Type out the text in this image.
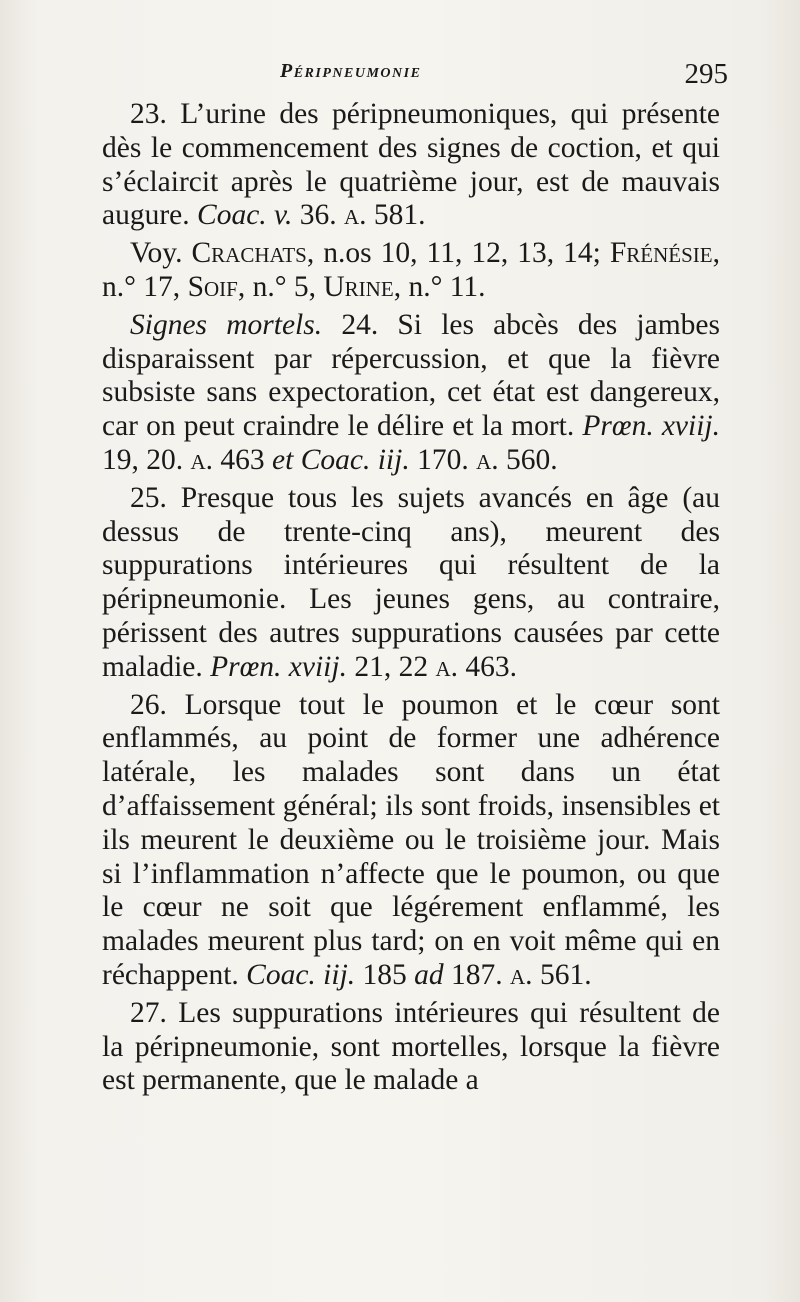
Péripneumonie	295

23. L’urine des péripneumoniques, qui présente dès le commencement des signes de coction, et qui s’éclaircit après le quatrième jour, est de mauvais augure. Coac. v. 36. a. 581.

Voy. Crachats, n.os 10, 11, 12, 13, 14; Frénésie, n.° 17, Soif, n.° 5, Urine, n.° 11.

Signes mortels. 24. Si les abcès des jambes disparaissent par répercussion, et que la fièvre subsiste sans expectoration, cet état est dangereux, car on peut craindre le délire et la mort. Prœn. xviij. 19, 20. a. 463 et Coac. iij. 170. a. 560.

25. Presque tous les sujets avancés en âge (au dessus de trente-cinq ans), meurent des suppurations intérieures qui résultent de la péripneumonie. Les jeunes gens, au contraire, périssent des autres suppurations causées par cette maladie. Prœn. xviij. 21, 22 a. 463.

26. Lorsque tout le poumon et le cœur sont enflammés, au point de former une adhérence latérale, les malades sont dans un état d’affaissement général; ils sont froids, insensibles et ils meurent le deuxième ou le troisième jour. Mais si l’inflammation n’affecte que le poumon, ou que le cœur ne soit que légérement enflammé, les malades meurent plus tard; on en voit même qui en réchappent. Coac. iij. 185 ad 187. a. 561.

27. Les suppurations intérieures qui résultent de la péripneumonie, sont mortelles, lorsque la fièvre est permanente, que le malade a
